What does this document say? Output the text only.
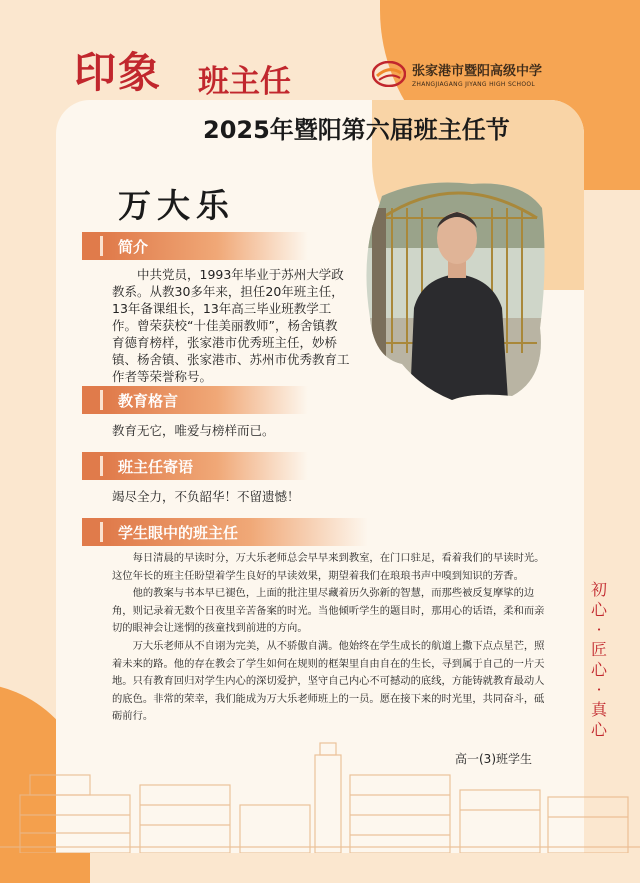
印象 班主任
2025年暨阳第六届班主任节
张家港市暨阳高级中学
ZHANGJIAGANG JIYANG HIGH SCHOOL
万大乐
简介
中共党员，1993年毕业于苏州大学政
教系。从教30多年来，担任20年班主任，
13年备课组长，13年高三毕业班教学工
作。曾荣获校“十佳美丽教师”，杨舍镇教
育德育榜样，张家港市优秀班主任，妙桥
镇、杨舍镇、张家港市、苏州市优秀教育工
作者等荣誉称号。
教育格言
教育无它，唯爱与榜样而已。
班主任寄语
竭尽全力，不负韶华！不留遗憾！
学生眼中的班主任

每日清晨的早读时分，万大乐老师总会早早来到教室，在门口驻足，看着我们的早读时光。这位年长的班主任盼望着学生良好的早读效果，期望着我们在琅琅书声中嗅到知识的芳香。

他的教案与书本早已褪色，上面的批注里尽藏着历久弥新的智慧，而那些被反复摩挲的边角，则记录着无数个日夜里辛苦备案的时光。当他倾听学生的题目时，那用心的话语，柔和而亲切的眼神会让迷惘的孩童找到前进的方向。

万大乐老师从不自诩为完美，从不骄傲自满。他始终在学生成长的航道上撒下点点星芒，照着未来的路。他的存在教会了学生如何在规则的框架里自由自在的生长，寻到属于自己的一片天地。只有教育回归对学生内心的深切爱护，坚守自己内心不可撼动的底线，方能铸就教育最动人的底色。非常的荣幸，我们能成为万大乐老师班上的一员。愿在接下来的时光里，共同奋斗，砥砺前行。

高一(3)班学生
初
心
·
匠
心
·
真
心
